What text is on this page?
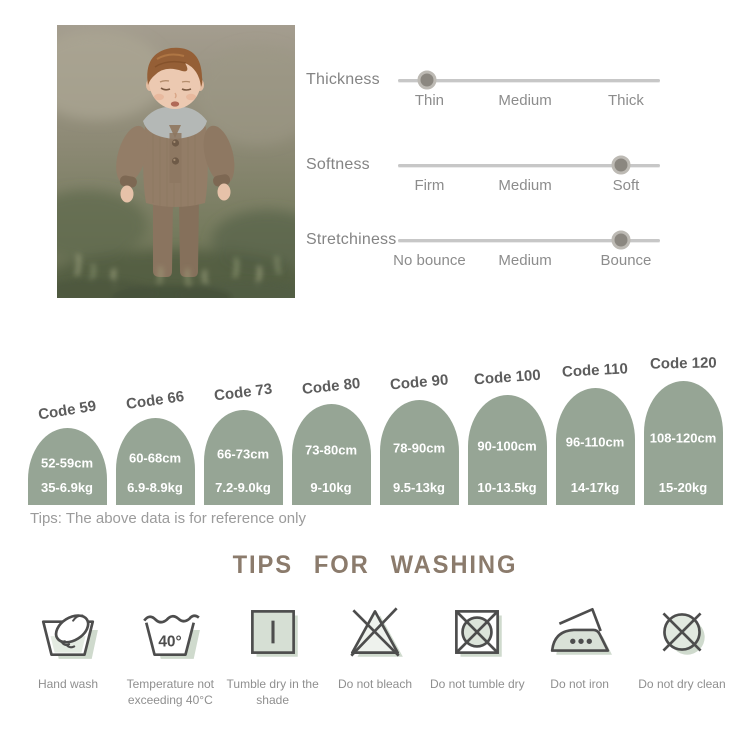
Thickness
Thin	Medium	Thick
Softness
Firm	Medium	Soft
Stretchiness
No bounce Medium	Bounce
Code 59
52-59cm
35-6.9kg
Code 66
60-68cm
6.9-8.9kg
Code 73
66-73cm
7.2-9.0kg
Code 80
73-80cm
9-10kg
Code 90
78-90cm
9.5-13kg
Code 100
90-100cm
10-13.5kg
Code 110
96-110cm
14-17kg
Code 120
108-120cm
15-20kg
Tips: The above data is for reference only
TIPS FOR WASHING
Hand wash
40°
Temperature not exceeding 40°C
Tumble dry in the shade
Do not bleach Do not tumble dry Do not iron Do not dry clean
